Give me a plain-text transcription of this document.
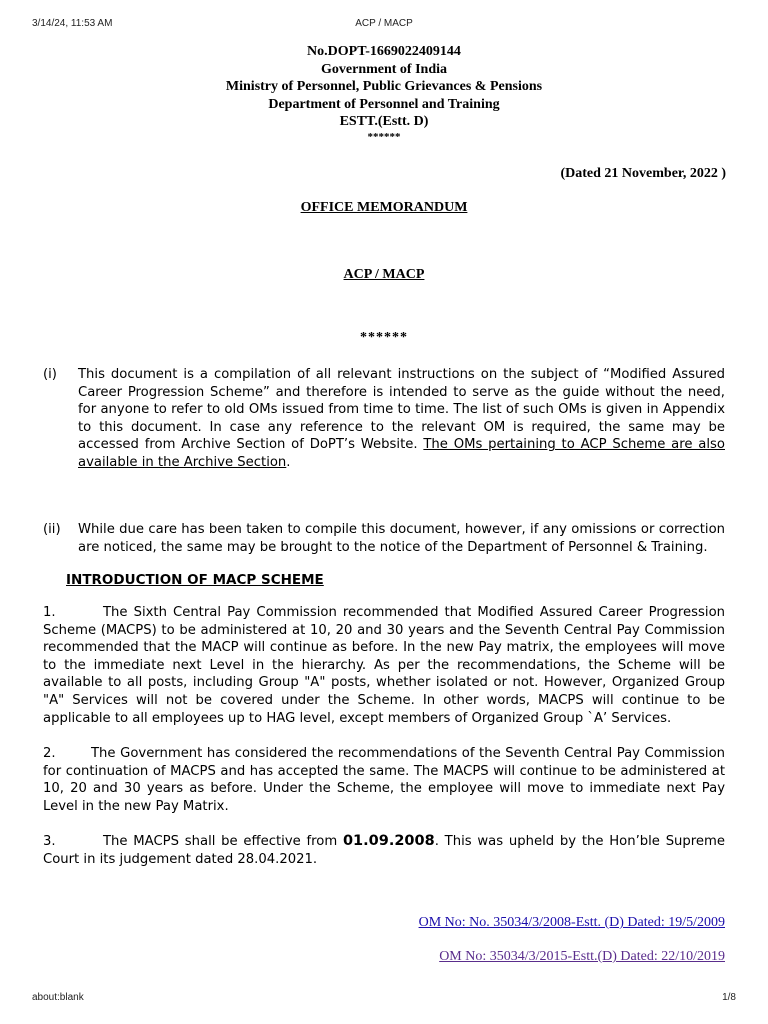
3/14/24, 11:53 AM	ACP / MACP
No.DOPT-1669022409144
Government of India
Ministry of Personnel, Public Grievances & Pensions
Department of Personnel and Training
ESTT.(Estt. D)
******
(Dated 21 November, 2022 )
OFFICE MEMORANDUM
ACP / MACP
******
(i) This document is a compilation of all relevant instructions on the subject of “Modified Assured Career Progression Scheme” and therefore is intended to serve as the guide without the need, for anyone to refer to old OMs issued from time to time. The list of such OMs is given in Appendix to this document. In case any reference to the relevant OM is required, the same may be accessed from Archive Section of DoPT’s Website. The OMs pertaining to ACP Scheme are also available in the Archive Section.
(ii) While due care has been taken to compile this document, however, if any omissions or correction are noticed, the same may be brought to the notice of the Department of Personnel & Training.
INTRODUCTION OF MACP SCHEME
1.	The Sixth Central Pay Commission recommended that Modified Assured Career Progression Scheme (MACPS) to be administered at 10, 20 and 30 years and the Seventh Central Pay Commission recommended that the MACP will continue as before. In the new Pay matrix, the employees will move to the immediate next Level in the hierarchy. As per the recommendations, the Scheme will be available to all posts, including Group "A" posts, whether isolated or not. However, Organized Group "A" Services will not be covered under the Scheme. In other words, MACPS will continue to be applicable to all employees up to HAG level, except members of Organized Group `A’ Services.
2.	The Government has considered the recommendations of the Seventh Central Pay Commission for continuation of MACPS and has accepted the same. The MACPS will continue to be administered at 10, 20 and 30 years as before. Under the Scheme, the employee will move to immediate next Pay Level in the new Pay Matrix.
3.	The MACPS shall be effective from 01.09.2008. This was upheld by the Hon’ble Supreme Court in its judgement dated 28.04.2021.
OM No: No. 35034/3/2008-Estt. (D) Dated: 19/5/2009
OM No: 35034/3/2015-Estt.(D) Dated: 22/10/2019
about:blank	1/8
